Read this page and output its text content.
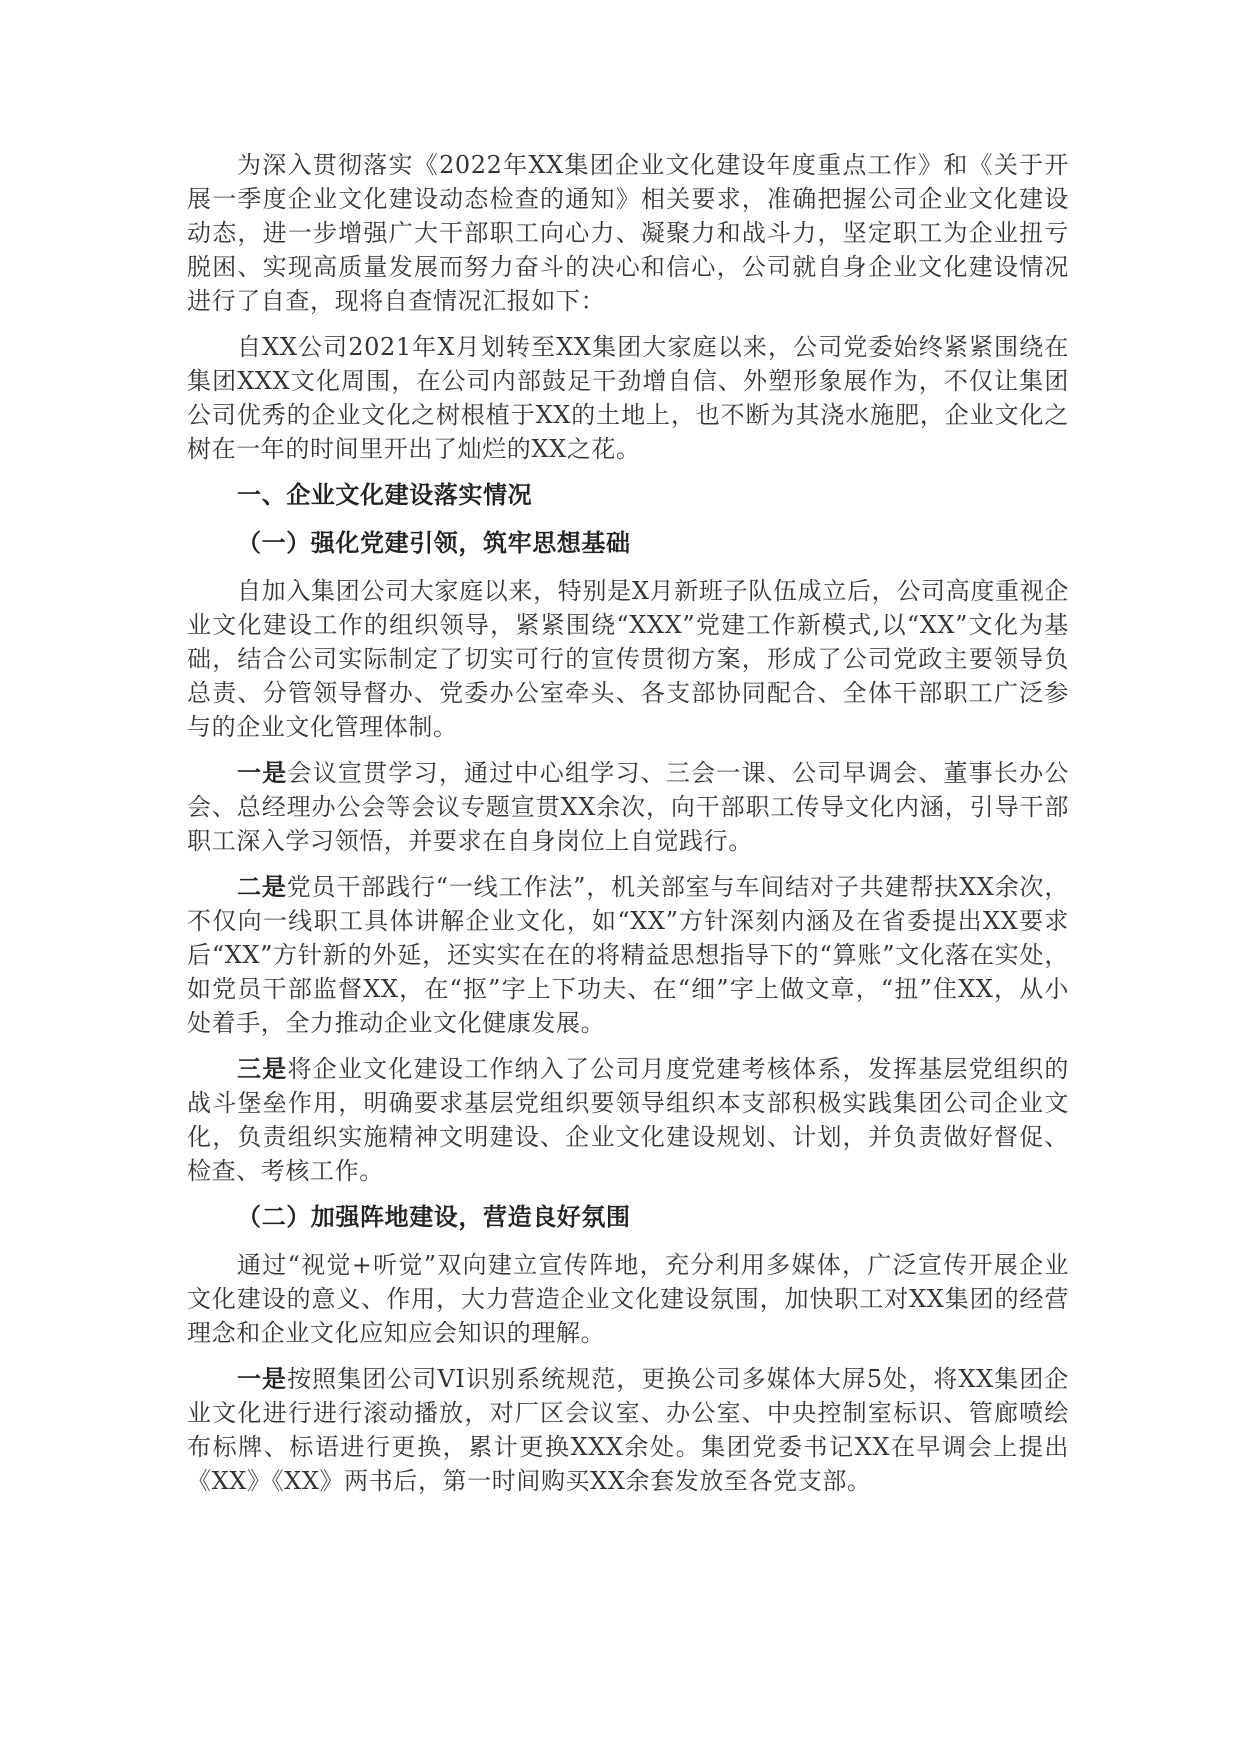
为深入贯彻落实《2022年XX集团企业文化建设年度重点工作》和《关于开展一季度企业文化建设动态检查的通知》相关要求，准确把握公司企业文化建设动态，进一步增强广大干部职工向心力、凝聚力和战斗力，坚定职工为企业扭亏脱困、实现高质量发展而努力奋斗的决心和信心，公司就自身企业文化建设情况进行了自查，现将自查情况汇报如下：

自XX公司2021年X月划转至XX集团大家庭以来，公司党委始终紧紧围绕在集团XXX文化周围，在公司内部鼓足干劲增自信、外塑形象展作为，不仅让集团公司优秀的企业文化之树根植于XX的土地上，也不断为其浇水施肥，企业文化之树在一年的时间里开出了灿烂的XX之花。

一、企业文化建设落实情况

（一）强化党建引领，筑牢思想基础

自加入集团公司大家庭以来，特别是X月新班子队伍成立后，公司高度重视企业文化建设工作的组织领导，紧紧围绕“XXX”党建工作新模式,以“XX”文化为基础，结合公司实际制定了切实可行的宣传贯彻方案，形成了公司党政主要领导负总责、分管领导督办、党委办公室牵头、各支部协同配合、全体干部职工广泛参与的企业文化管理体制。

一是会议宣贯学习，通过中心组学习、三会一课、公司早调会、董事长办公会、总经理办公会等会议专题宣贯XX余次，向干部职工传导文化内涵，引导干部职工深入学习领悟，并要求在自身岗位上自觉践行。

二是党员干部践行“一线工作法”，机关部室与车间结对子共建帮扶XX余次，不仅向一线职工具体讲解企业文化，如“XX”方针深刻内涵及在省委提出XX要求后“XX”方针新的外延，还实实在在的将精益思想指导下的“算账”文化落在实处，如党员干部监督XX，在“抠”字上下功夫、在“细”字上做文章，“扭”住XX，从小处着手，全力推动企业文化健康发展。

三是将企业文化建设工作纳入了公司月度党建考核体系，发挥基层党组织的战斗堡垒作用，明确要求基层党组织要领导组织本支部积极实践集团公司企业文化，负责组织实施精神文明建设、企业文化建设规划、计划，并负责做好督促、检查、考核工作。

（二）加强阵地建设，营造良好氛围

通过“视觉+听觉”双向建立宣传阵地，充分利用多媒体，广泛宣传开展企业文化建设的意义、作用，大力营造企业文化建设氛围，加快职工对XX集团的经营理念和企业文化应知应会知识的理解。

一是按照集团公司VI识别系统规范，更换公司多媒体大屏5处，将XX集团企业文化进行进行滚动播放，对厂区会议室、办公室、中央控制室标识、管廊喷绘布标牌、标语进行更换，累计更换XXX余处。集团党委书记XX在早调会上提出《XX》《XX》两书后，第一时间购买XX余套发放至各党支部。
